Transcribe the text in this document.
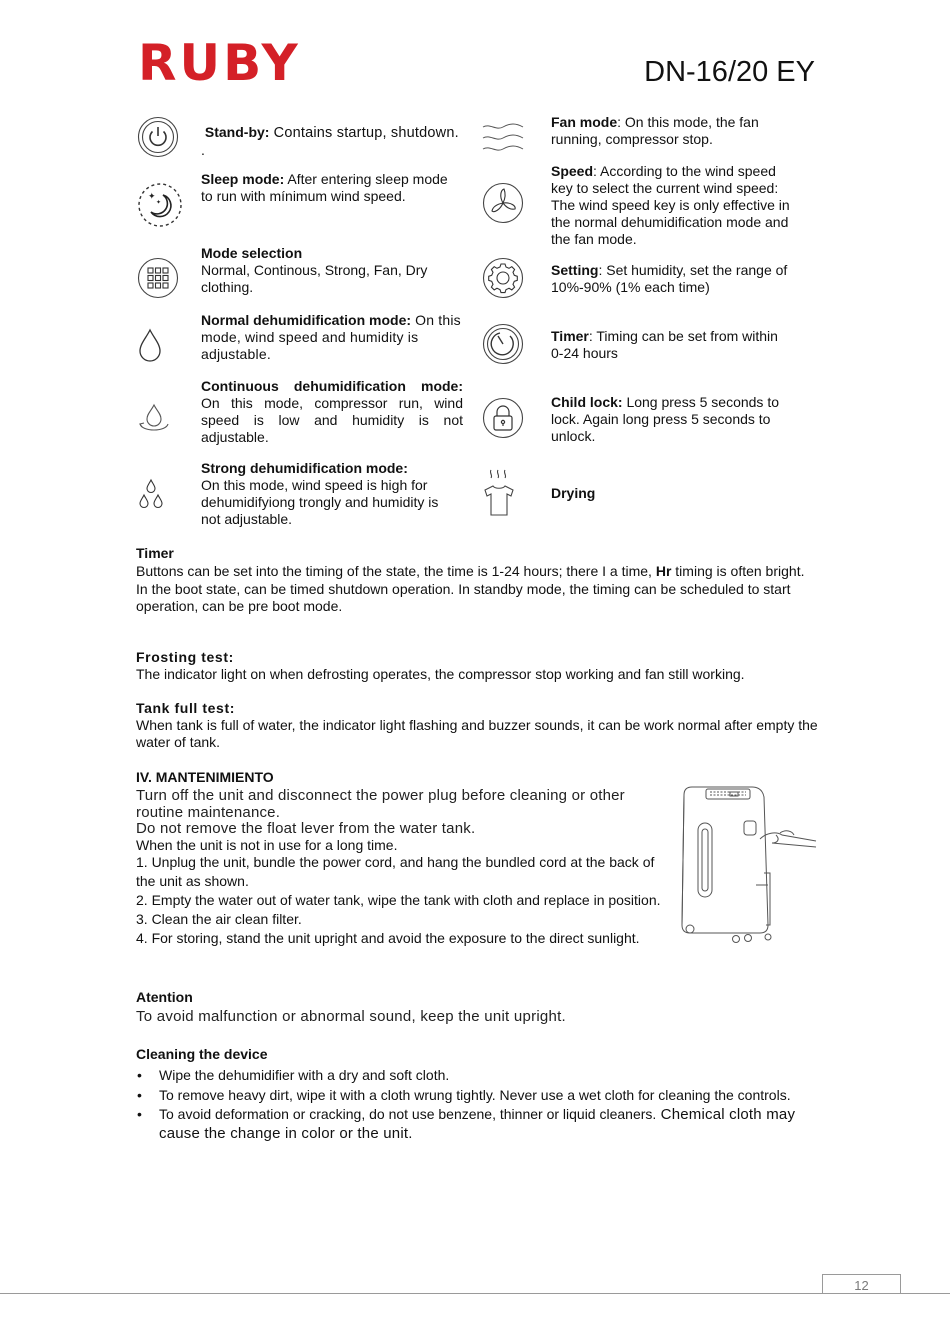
RUBY	DN-16/20 EY
✦
✦
Stand-by: Contains startup, shutdown.
.
Sleep mode: After entering sleep mode to run with mínimum wind speed.
Mode selection
Normal, Continous, Strong, Fan, Dry clothing.
Normal dehumidification mode: On this mode, wind speed and humidity is adjustable.
Continuous dehumidification mode:
On this mode, compressor run, wind speed is low and humidity is not adjustable.
Strong dehumidification mode:
On this mode, wind speed is high for dehumidifyiong trongly and humidity is not adjustable.
Fan mode: On this mode, the fan running, compressor stop.
Speed: According to the wind speed key to select the current wind speed: The wind speed key is only effective in the normal dehumidification mode and the fan mode.
Setting: Set humidity, set the range of 10%-90% (1% each time)
Timer: Timing can be set from within 0-24 hours
Child lock: Long press 5 seconds to lock. Again long press 5 seconds to unlock.
Drying
Timer

Buttons can be set into the timing of the state, the time is 1-24 hours; there I a time, Hr timing is often bright.

In the boot state, can be timed shutdown operation. In standby mode, the timing can be scheduled to start operation, can be pre boot mode.

Frosting test:
The indicator light on when defrosting operates, the compressor stop working and fan still working.
Tank full test:
When tank is full of water, the indicator light flashing and buzzer sounds, it can be work normal after empty the water of tank.
IV. MANTENIMIENTO

Turn off the unit and disconnect the power plug before cleaning or other routine maintenance.

Do not remove the float lever from the water tank.

When the unit is not in use for a long time.

1. Unplug the unit, bundle the power cord, and hang the bundled cord at the back of the unit as shown.

2. Empty the water out of water tank, wipe the tank with cloth and replace in position.

3. Clean the air clean filter.

4. For storing, stand the unit upright and avoid the exposure to the direct sunlight.

Atention
To avoid malfunction or abnormal sound, keep the unit upright.
Cleaning the device
• Wipe the dehumidifier with a dry and soft cloth.
• To remove heavy dirt, wipe it with a cloth wrung tightly. Never use a wet cloth for cleaning the controls.
• To avoid deformation or cracking, do not use benzene, thinner or liquid cleaners. Chemical cloth may cause the change in color or the unit.
12
